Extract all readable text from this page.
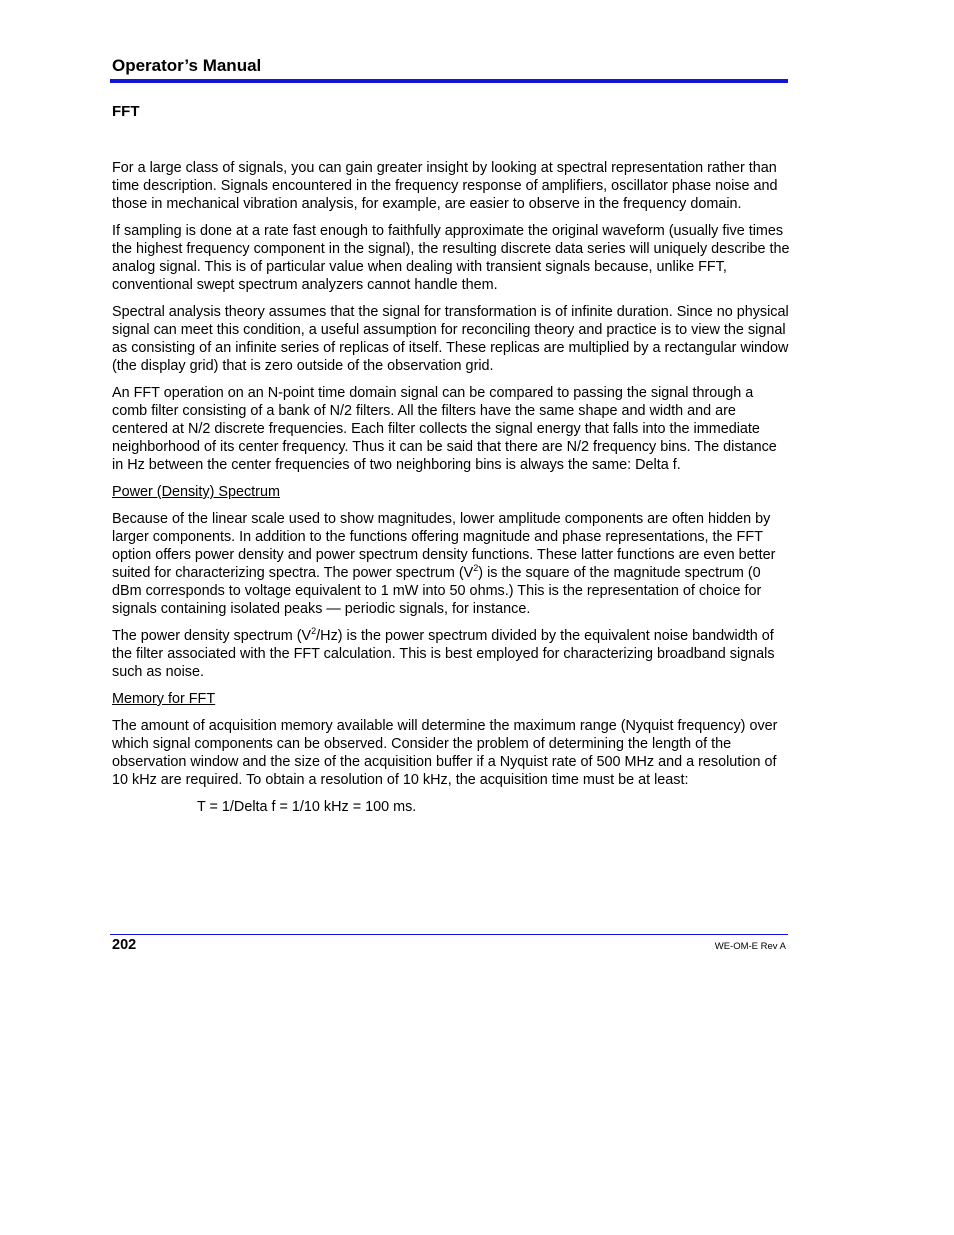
Operator’s Manual
FFT

For a large class of signals, you can gain greater insight by looking at spectral representation rather than time description. Signals encountered in the frequency response of amplifiers, oscillator phase noise and those in mechanical vibration analysis, for example, are easier to observe in the frequency domain.

If sampling is done at a rate fast enough to faithfully approximate the original waveform (usually five times the highest frequency component in the signal), the resulting discrete data series will uniquely describe the analog signal. This is of particular value when dealing with transient signals because, unlike FFT, conventional swept spectrum analyzers cannot handle them.

Spectral analysis theory assumes that the signal for transformation is of infinite duration. Since no physical signal can meet this condition, a useful assumption for reconciling theory and practice is to view the signal as consisting of an infinite series of replicas of itself. These replicas are multiplied by a rectangular window (the display grid) that is zero outside of the observation grid.

An FFT operation on an N-point time domain signal can be compared to passing the signal through a comb filter consisting of a bank of N/2 filters. All the filters have the same shape and width and are centered at N/2 discrete frequencies. Each filter collects the signal energy that falls into the immediate neighborhood of its center frequency. Thus it can be said that there are N/2 frequency bins. The distance in Hz between the center frequencies of two neighboring bins is always the same: Delta f.

Power (Density) Spectrum

Because of the linear scale used to show magnitudes, lower amplitude components are often hidden by larger components. In addition to the functions offering magnitude and phase representations, the FFT option offers power density and power spectrum density functions. These latter functions are even better suited for characterizing spectra. The power spectrum $(V^2)$ is the square of the magnitude spectrum (0 dBm corresponds to voltage equivalent to 1 mW into 50 ohms.) This is the representation of choice for signals containing isolated peaks — periodic signals, for instance.

The power density spectrum $(V^2/Hz)$ is the power spectrum divided by the equivalent noise bandwidth of the filter associated with the FFT calculation. This is best employed for characterizing broadband signals such as noise.

Memory for FFT

The amount of acquisition memory available will determine the maximum range (Nyquist frequency) over which signal components can be observed. Consider the problem of determining the length of the observation window and the size of the acquisition buffer if a Nyquist rate of 500 MHz and a resolution of 10 kHz are required. To obtain a resolution of 10 kHz, the acquisition time must be at least:

T = 1/Delta f = 1/10 kHz = 100 ms.

202	WE-OM-E Rev A
